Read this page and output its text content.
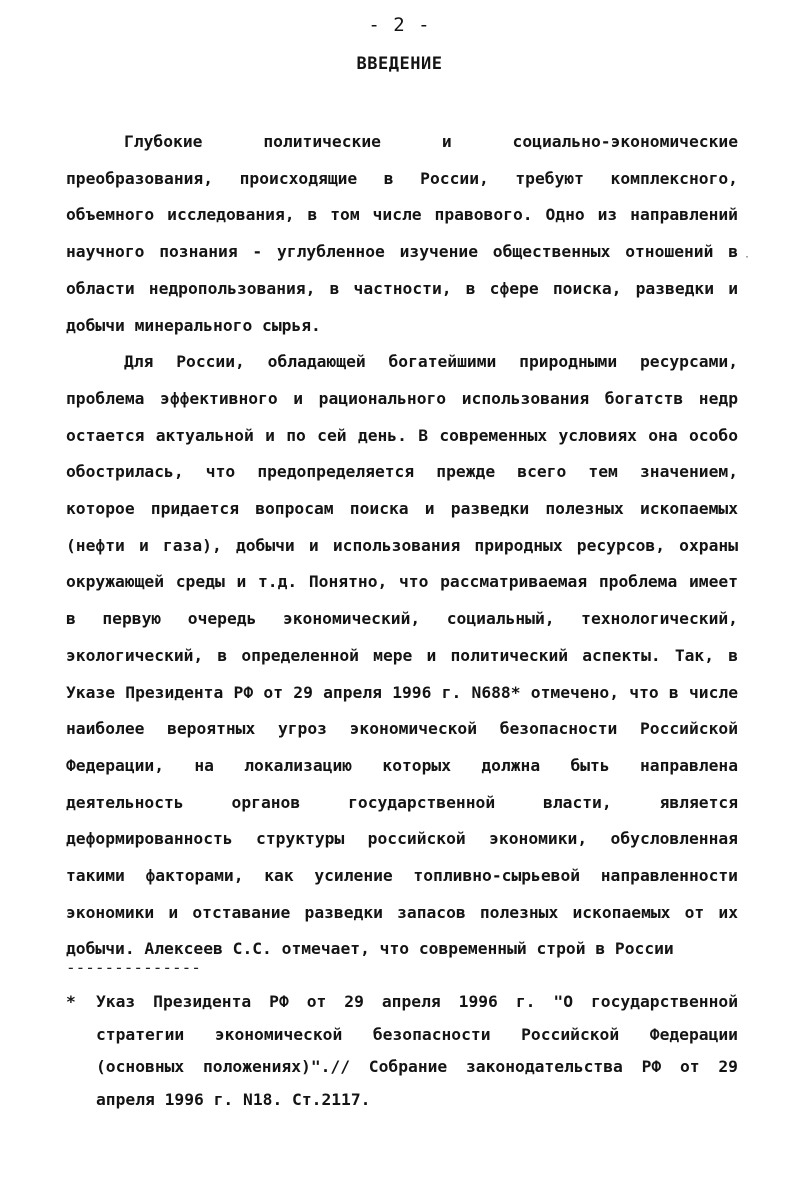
- 2 -
ВВЕДЕНИЕ

Глубокие политические и социально-экономические преобразования, происходящие в России, требуют комплексного, объемного исследования, в том числе правового. Одно из направлений научного познания - углубленное изучение общественных отношений в области недропользования, в частности, в сфере поиска, разведки и добычи минерального сырья.

Для России, обладающей богатейшими природными ресурсами, проблема эффективного и рационального использования богатств недр остается актуальной и по сей день. В современных условиях она особо обострилась, что предопределяется прежде всего тем значением, которое придается вопросам поиска и разведки полезных ископаемых (нефти и газа), добычи и использования природных ресурсов, охраны окружающей среды и т.д. Понятно, что рассматриваемая проблема имеет в первую очередь экономический, социальный, технологический, экологический, в определенной мере и политический аспекты. Так, в Указе Президента РФ от 29 апреля 1996 г. N688* отмечено, что в числе наиболее вероятных угроз экономической безопасности Российской Федерации, на локализацию которых должна быть направлена деятельность органов государственной власти, является деформированность структуры российской экономики, обусловленная такими факторами, как усиление топливно-сырьевой направленности экономики и отставание разведки запасов полезных ископаемых от их добычи. Алексеев С.С. отмечает, что современный строй в России

--------------
* Указ Президента РФ от 29 апреля 1996 г. "О государственной стратегии экономической безопасности Российской Федерации (основных положениях)".// Собрание законодательства РФ от 29 апреля 1996 г. N18. Ст.2117.
·
